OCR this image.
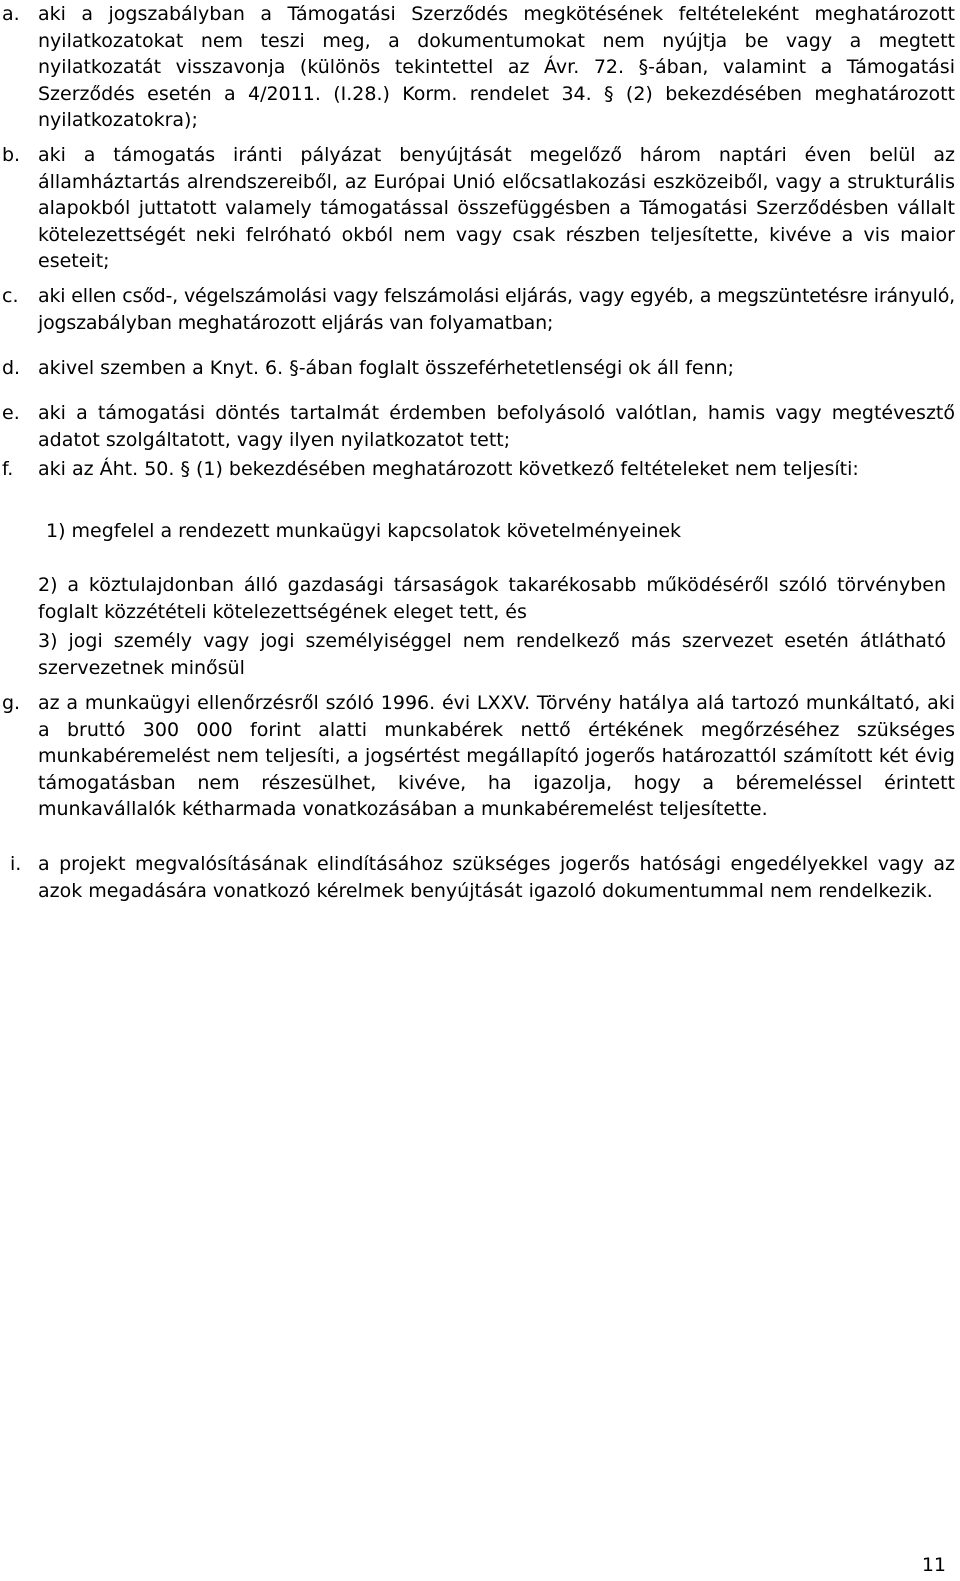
a. aki a jogszabályban a Támogatási Szerződés megkötésének feltételeként meghatározott nyilatkozatokat nem teszi meg, a dokumentumokat nem nyújtja be vagy a megtett nyilatkozatát visszavonja (különös tekintettel az Ávr. 72. §-ában, valamint a Támogatási Szerződés esetén a 4/2011. (I.28.) Korm. rendelet 34. § (2) bekezdésében meghatározott nyilatkozatokra);
b. aki a támogatás iránti pályázat benyújtását megelőző három naptári éven belül az államháztartás alrendszereiből, az Európai Unió előcsatlakozási eszközeiből, vagy a strukturális alapokból juttatott valamely támogatással összefüggésben a Támogatási Szerződésben vállalt kötelezettségét neki felróható okból nem vagy csak részben teljesítette, kivéve a vis maior eseteit;
c. aki ellen csőd-, végelszámolási vagy felszámolási eljárás, vagy egyéb, a megszüntetésre irányuló, jogszabályban meghatározott eljárás van folyamatban;
d. akivel szemben a Knyt. 6. §-ában foglalt összeférhetetlenségi ok áll fenn;
e. aki a támogatási döntés tartalmát érdemben befolyásoló valótlan, hamis vagy megtévesztő adatot szolgáltatott, vagy ilyen nyilatkozatot tett;
f. aki az Áht. 50. § (1) bekezdésében meghatározott következő feltételeket nem teljesíti:
1) megfelel a rendezett munkaügyi kapcsolatok követelményeinek
2) a köztulajdonban álló gazdasági társaságok takarékosabb működéséről szóló törvényben foglalt közzétételi kötelezettségének eleget tett, és
3) jogi személy vagy jogi személyiséggel nem rendelkező más szervezet esetén átlátható szervezetnek minősül
g. az a munkaügyi ellenőrzésről szóló 1996. évi LXXV. Törvény hatálya alá tartozó munkáltató, aki a bruttó 300 000 forint alatti munkabérek nettő értékének megőrzéséhez szükséges munkabéremelést nem teljesíti, a jogsértést megállapító jogerős határozattól számított két évig támogatásban nem részesülhet, kivéve, ha igazolja, hogy a béremeléssel érintett munkavállalók kétharmada vonatkozásában a munkabéremelést teljesítette.
i. a projekt megvalósításának elindításához szükséges jogerős hatósági engedélyekkel vagy az azok megadására vonatkozó kérelmek benyújtását igazoló dokumentummal nem rendelkezik.
11
